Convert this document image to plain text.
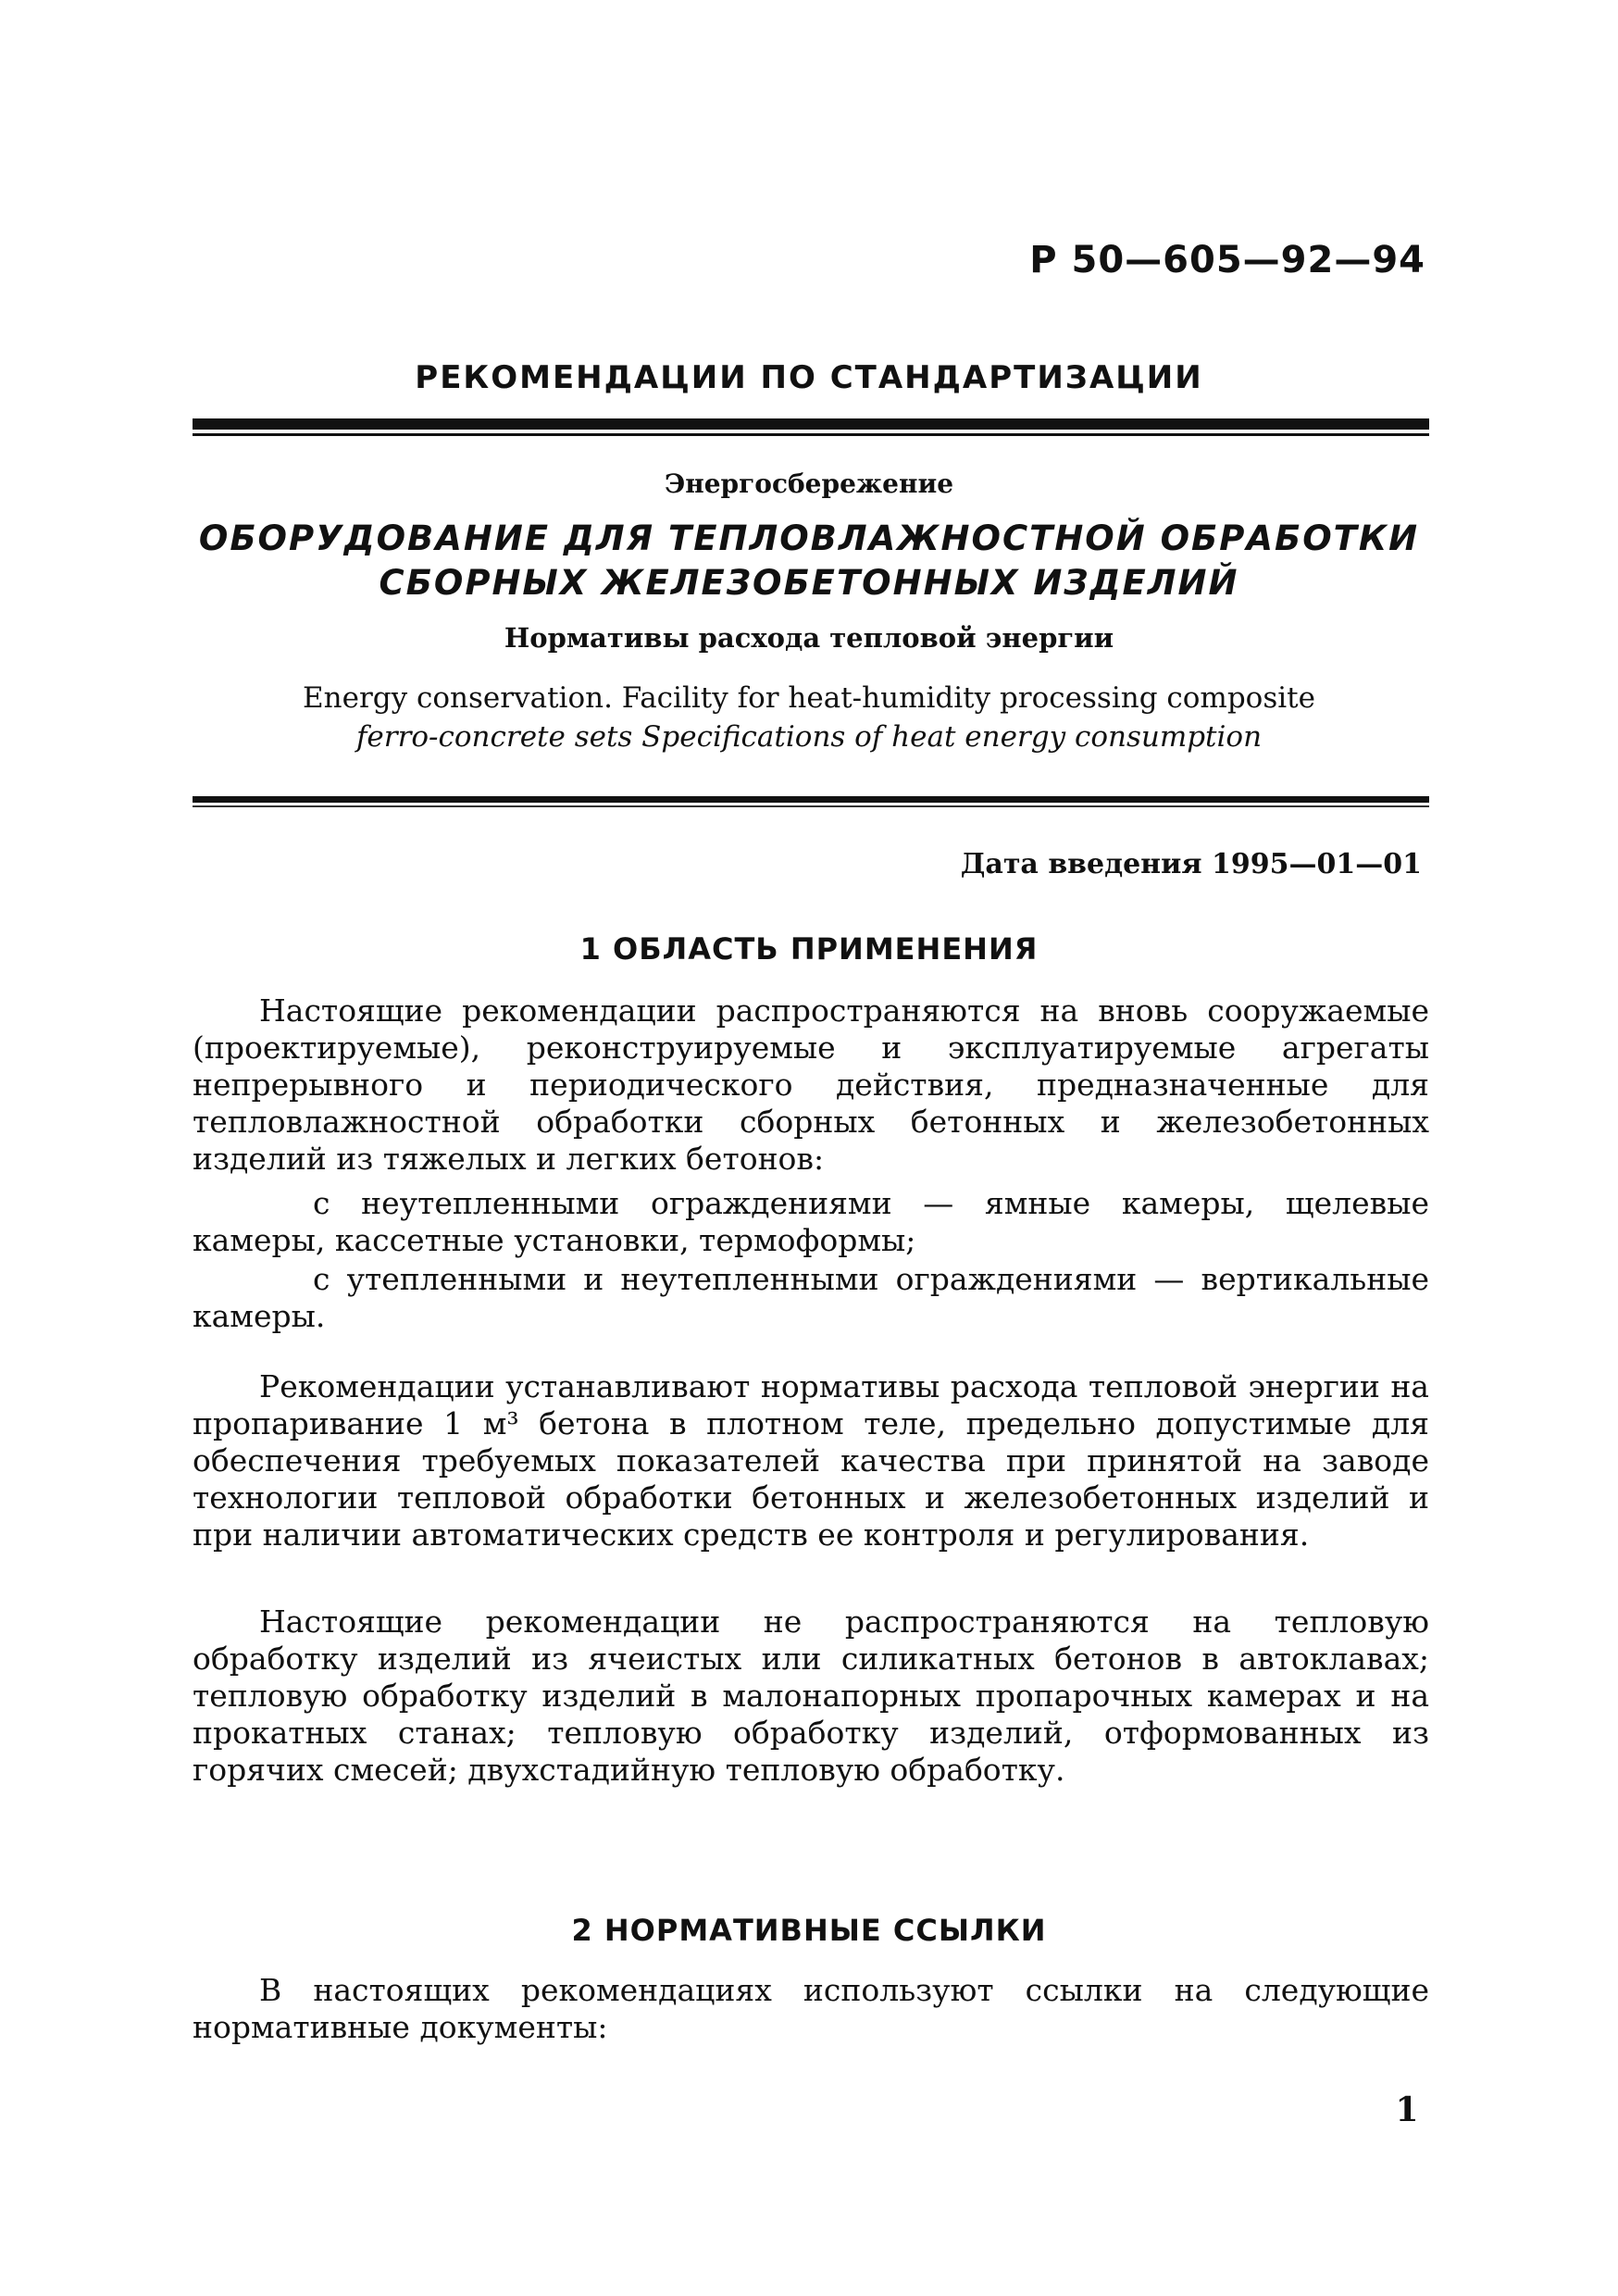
Р 50—605—92—94
РЕКОМЕНДАЦИИ ПО СТАНДАРТИЗАЦИИ
Энергосбережение
ОБОРУДОВАНИЕ ДЛЯ ТЕПЛОВЛАЖНОСТНОЙ ОБРАБОТКИ
СБОРНЫХ ЖЕЛЕЗОБЕТОННЫХ ИЗДЕЛИЙ
Нормативы расхода тепловой энергии
Energy conservation. Facility for heat-humidity processing composite
ferro-concrete sets Specifications of heat energy consumption
Дата введения 1995—01—01
1 ОБЛАСТЬ ПРИМЕНЕНИЯ
Настоящие рекомендации распространяются на вновь сооружаемые (проектируемые), реконструируемые и эксплуатируемые агрегаты непрерывного и периодического действия, предназначенные для тепловлажностной обработки сборных бетонных и железобетонных изделий из тяжелых и легких бетонов:
с неутепленными ограждениями — ямные камеры, щелевые камеры, кассетные установки, термоформы;
с утепленными и неутепленными ограждениями — вертикальные камеры.
Рекомендации устанавливают нормативы расхода тепловой энергии на пропаривание 1 м³ бетона в плотном теле, предельно допустимые для обеспечения требуемых показателей качества при принятой на заводе технологии тепловой обработки бетонных и железобетонных изделий и при наличии автоматических средств ее контроля и регулирования.
Настоящие рекомендации не распространяются на тепловую обработку изделий из ячеистых или силикатных бетонов в автоклавах; тепловую обработку изделий в малонапорных пропарочных камерах и на прокатных станах; тепловую обработку изделий, отформованных из горячих смесей; двухстадийную тепловую обработку.
2 НОРМАТИВНЫЕ ССЫЛКИ
В настоящих рекомендациях используют ссылки на следующие нормативные документы:
1
